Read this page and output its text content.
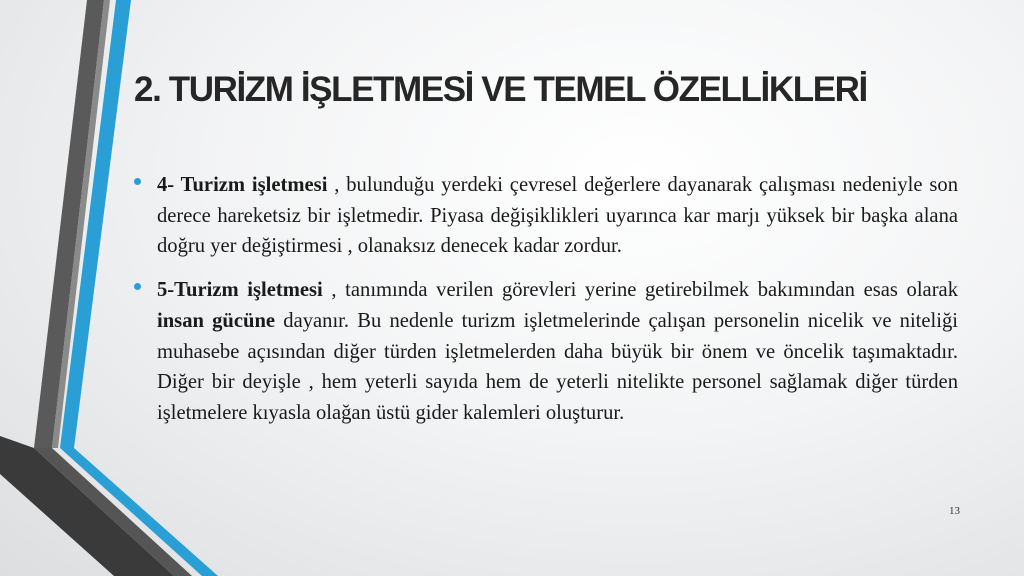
2. TURİZM İŞLETMESİ VE TEMEL ÖZELLİKLERİ

4- Turizm işletmesi , bulunduğu yerdeki çevresel değerlere dayanarak çalışması nedeniyle son derece hareketsiz bir işletmedir. Piyasa değişiklikleri uyarınca kar marjı yüksek bir başka alana doğru yer değiştirmesi , olanaksız denecek kadar zordur.

5-Turizm işletmesi , tanımında verilen görevleri yerine getirebilmek bakımından esas olarak insan gücüne dayanır. Bu nedenle turizm işletmelerinde çalışan personelin nicelik ve niteliği muhasebe açısından diğer türden işletmelerden daha büyük bir önem ve öncelik taşımaktadır. Diğer bir deyişle , hem yeterli sayıda hem de yeterli nitelikte personel sağlamak diğer türden işletmelere kıyasla olağan üstü gider kalemleri oluşturur.

13
